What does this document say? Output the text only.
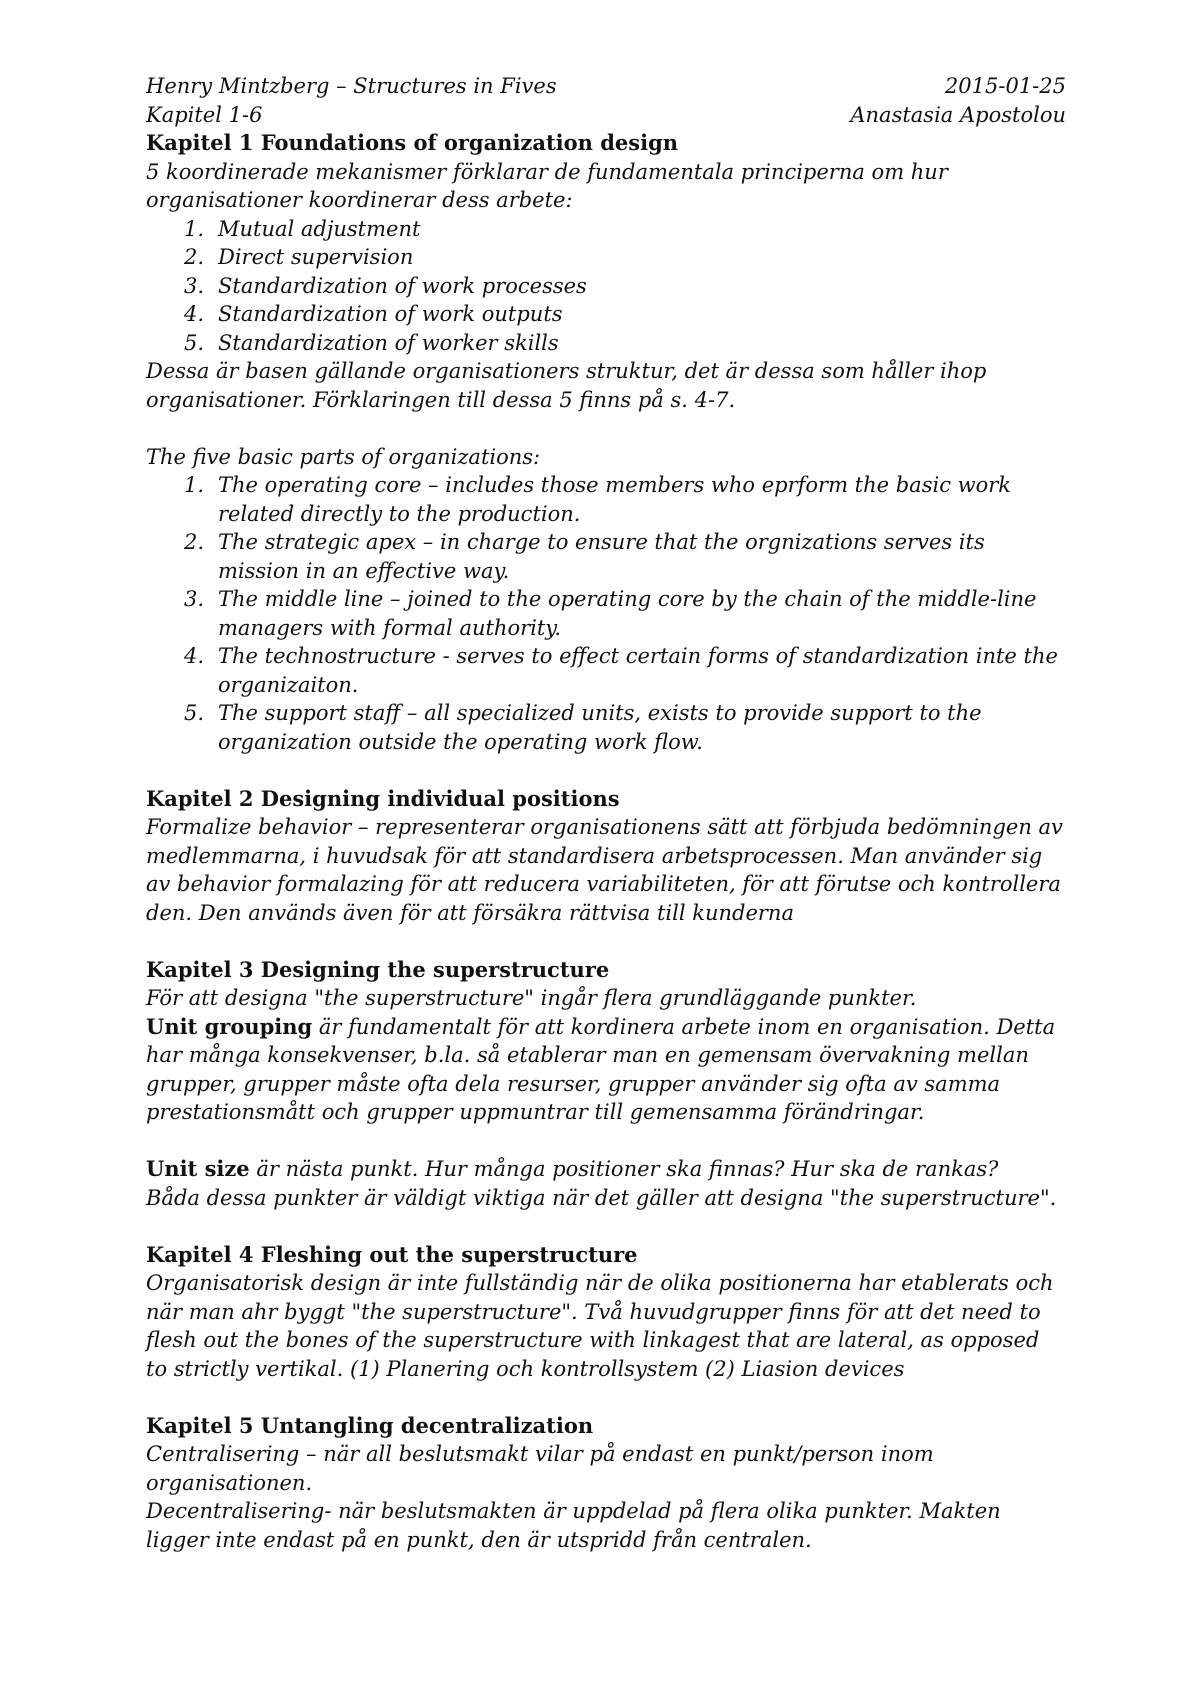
Henry Mintzberg – Structures in Fives	2015-01-25
Kapitel 1-6	Anastasia Apostolou

Kapitel 1 Foundations of organization design

5 koordinerade mekanismer förklarar de fundamentala principerna om hur organisationer koordinerar dess arbete:

1. Mutual adjustment
2. Direct supervision
3. Standardization of work processes
4. Standardization of work outputs
5. Standardization of worker skills

Dessa är basen gällande organisationers struktur, det är dessa som håller ihop organisationer. Förklaringen till dessa 5 finns på s. 4-7.

The five basic parts of organizations:

1. The operating core – includes those members who eprform the basic work related directly to the production.
2. The strategic apex – in charge to ensure that the orgnizations serves its mission in an effective way.
3. The middle line – joined to the operating core by the chain of the middle-line managers with formal authority.
4. The technostructure - serves to effect certain forms of standardization inte the organizaiton.
5. The support staff – all specialized units, exists to provide support to the organization outside the operating work flow.

Kapitel 2 Designing individual positions

Formalize behavior – representerar organisationens sätt att förbjuda bedömningen av medlemmarna, i huvudsak för att standardisera arbetsprocessen. Man använder sig av behavior formalazing för att reducera variabiliteten, för att förutse och kontrollera den. Den används även för att försäkra rättvisa till kunderna

Kapitel 3 Designing the superstructure

För att designa "the superstructure" ingår flera grundläggande punkter.

Unit grouping är fundamentalt för att kordinera arbete inom en organisation. Detta har många konsekvenser, b.la. så etablerar man en gemensam övervakning mellan grupper, grupper måste ofta dela resurser, grupper använder sig ofta av samma prestationsmått och grupper uppmuntrar till gemensamma förändringar.

Unit size är nästa punkt. Hur många positioner ska finnas? Hur ska de rankas?

Båda dessa punkter är väldigt viktiga när det gäller att designa "the superstructure".

Kapitel 4 Fleshing out the superstructure

Organisatorisk design är inte fullständig när de olika positionerna har etablerats och när man ahr byggt "the superstructure". Två huvudgrupper finns för att det need to flesh out the bones of the superstructure with linkagest that are lateral, as opposed to strictly vertikal. (1) Planering och kontrollsystem (2) Liasion devices

Kapitel 5 Untangling decentralization

Centralisering – när all beslutsmakt vilar på endast en punkt/person inom organisationen.

Decentralisering- när beslutsmakten är uppdelad på flera olika punkter. Makten ligger inte endast på en punkt, den är utspridd från centralen.
